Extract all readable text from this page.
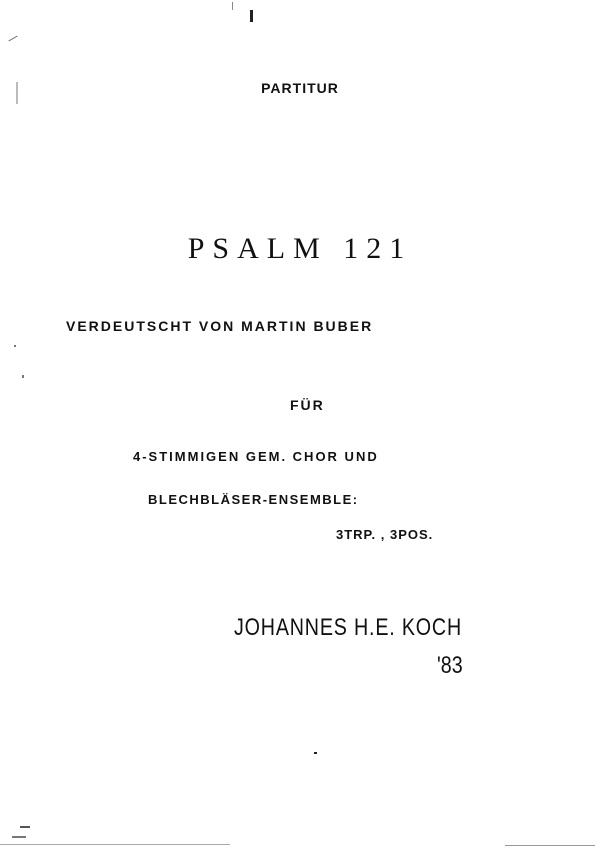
PARTITUR
PSALM 121
VERDEUTSCHT VON MARTIN BUBER
FÜR
4-STIMMIGEN GEM. CHOR UND
BLECHBLÄSER-ENSEMBLE:
3TRP. , 3POS.
JOHANNES H.E. KOCH
'83
